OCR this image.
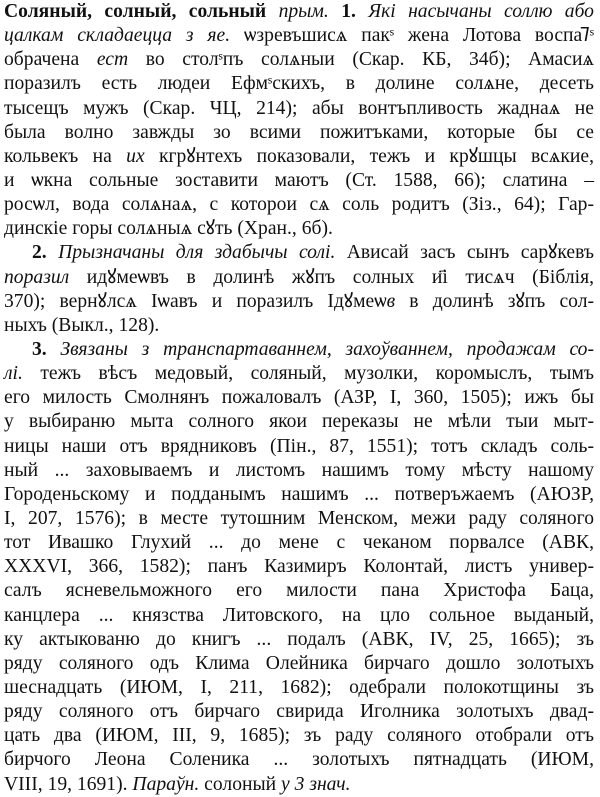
Соляный, солный, сольный прым. 1. Які насычаны соллю або
цалкам складаецца з яе. ѡзревъшисѧ пакˢ жена Лотова воспаᲄˢ
обрачена ест во столˢпъ солѧныи (Скар. КБ, 34б); Амасиѧ
поразилъ есть людеи Ефмˢскихъ, в долине солѧне, десеть
тысещъ мужъ (Скар. ЧЦ, 214); абы вонтъпливость жаднаѧ не
была волно завжды зо всими пожитъками, которые бы се
кольвекъ на их кгрꙋнтехъ показовали, тежъ и крꙋшцы всѧкие,
и ѡкна сольные зоставити маютъ (Ст. 1588, 66); слатина –
росѡл, вода солѧнаѧ, с которои сѧ соль родитъ (Зіз., 64); Гар-
динскіе горы солѧныѧ сꙋть (Хран., 6б).
2. Прызначаны для здабычы солі. Ависай засъ сынъ сарꙋкевъ
поразил идꙋмеѡвъ в долинѣ жꙋпъ солных и҃і тисѧч (Біблія,
370); вернꙋлсѧ Іѡавъ и поразилъ Ідꙋмеѡв в долинѣ зꙋпъ сол-
ныхъ (Выкл., 128).
3. Звязаны з транспартаваннем, захоўваннем, продажам со-
лі. тежъ вѣсъ медовый, соляный, музолки, коромыслъ, тымъ
его милость Смолнянъ пожаловалъ (АЗР, I, 360, 1505); ижъ бы
у выбираню мыта солного якои переказы не мѣли тыи мыт-
ницы наши отъ врядниковъ (Пін., 87, 1551); тотъ складъ соль-
ный ... заховываемъ и листомъ нашимъ тому мѣсту нашому
Городеньскому и подданымъ нашимъ ... потверъжаемъ (АЮЗР,
I, 207, 1576); в месте тутошним Менском, межи раду соляного
тот Ивашко Глухий ... до мене с чеканом порвалсе (АВК,
XXXVI, 366, 1582); панъ Казимиръ Колонтай, листъ универ-
салъ ясневельможного его милости пана Христофа Баца,
канцлера ... князства Литовского, на цло сольное выданый,
ку актыкованю до книгъ ... подалъ (АВК, IV, 25, 1665); зъ
ряду соляного одъ Клима Олейника бирчаго дошло золотыхъ
шеснадцать (ИЮМ, I, 211, 1682); одебрали полокотщины зъ
ряду соляного отъ бирчаго свирида Иголника золотыхъ двад-
цать два (ИЮМ, III, 9, 1685); зъ раду соляного отобрали отъ
бирчого Леона Соленика ... золотыхъ пятнадцать (ИЮМ,
VIII, 19, 1691). Параўн. солоный у 3 знач.
